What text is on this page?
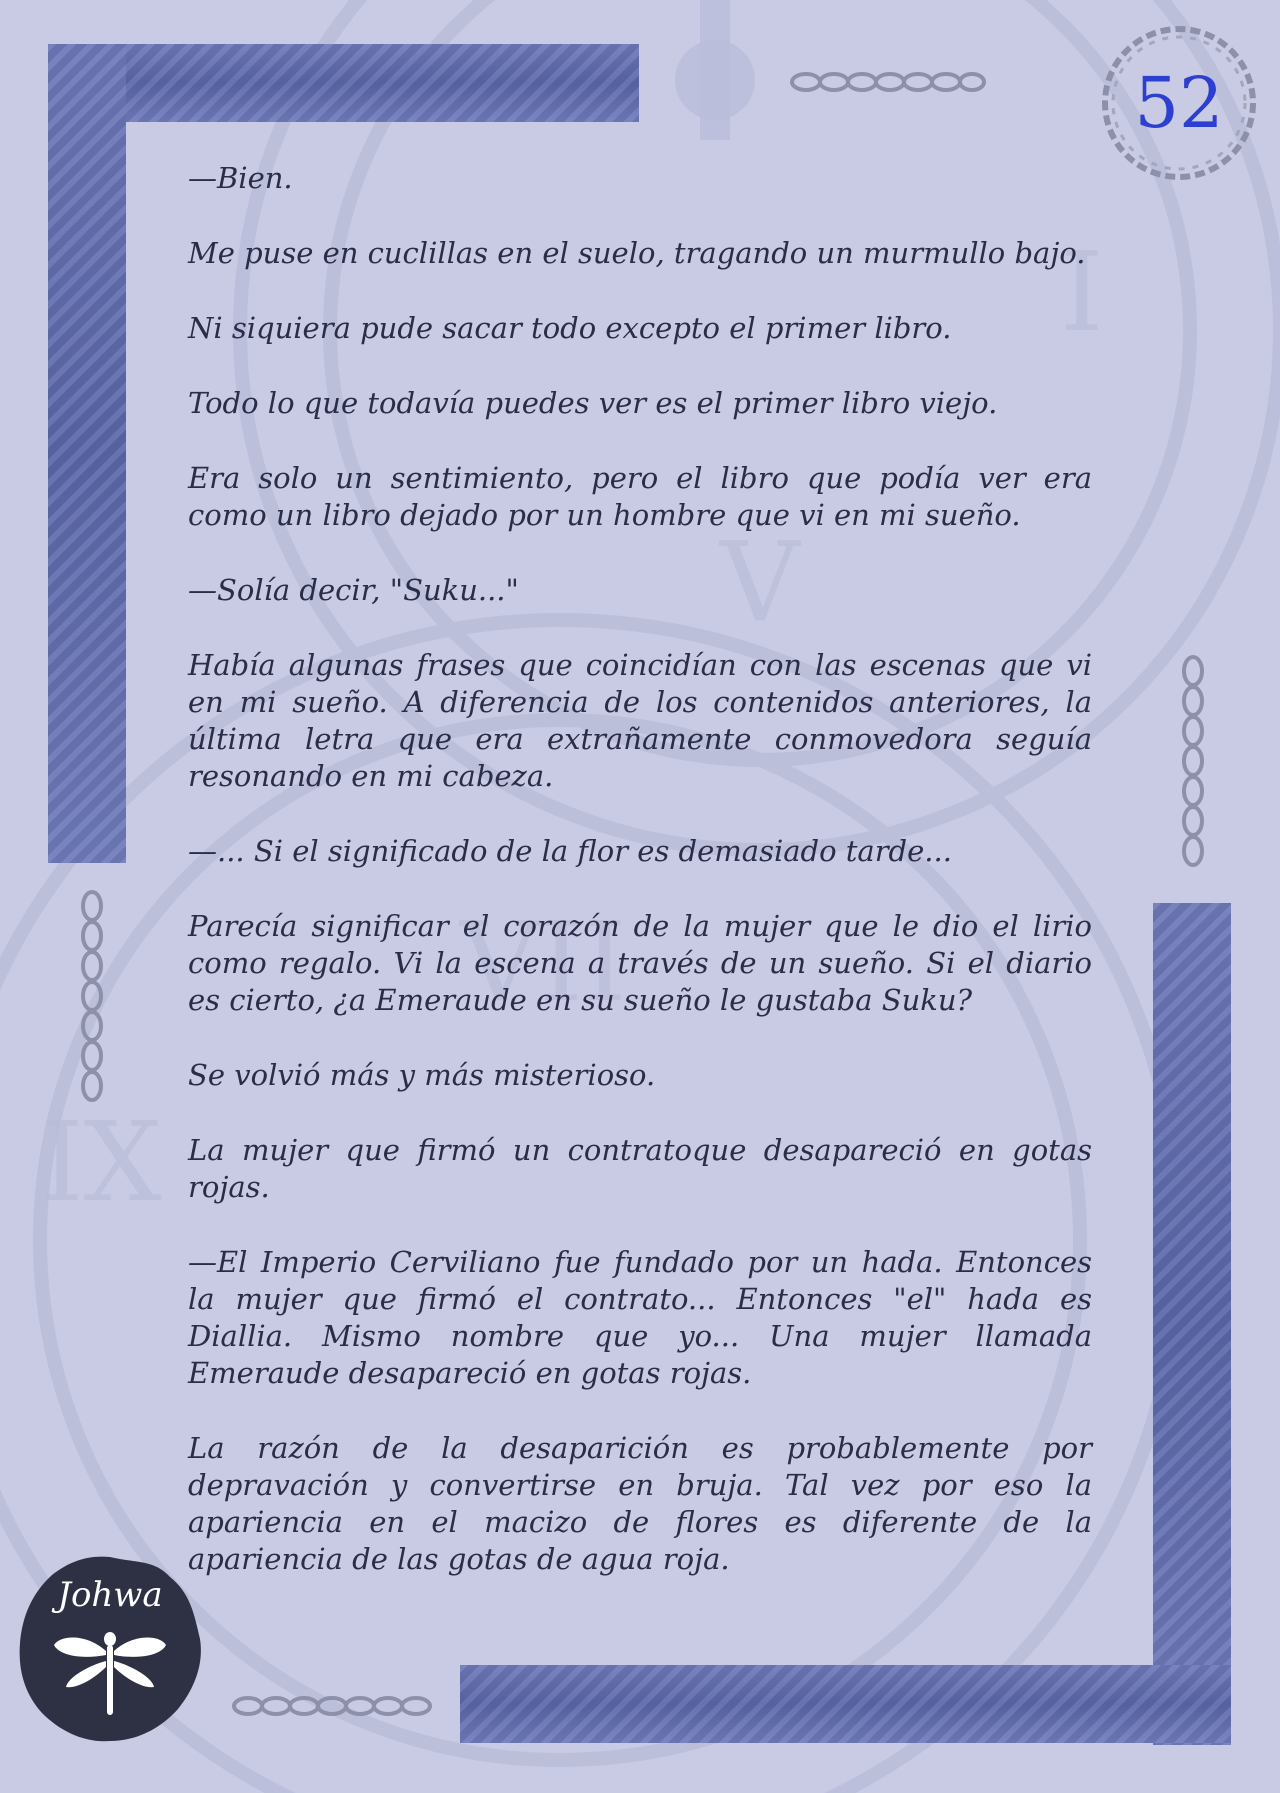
VII
I
V
IX
52

—Bien.

Me puse en cuclillas en el suelo, tragando un murmullo bajo.

Ni siquiera pude sacar todo excepto el primer libro.

Todo lo que todavía puedes ver es el primer libro viejo.

Era solo un sentimiento, pero el libro que podía ver era como un libro dejado por un hombre que vi en mi sueño.

—Solía decir, "Suku..."

Había algunas frases que coincidían con las escenas que vi en mi sueño. A diferencia de los contenidos anteriores, la última letra que era extrañamente conmovedora seguía resonando en mi cabeza.

—... Si el significado de la flor es demasiado tarde...

Parecía significar el corazón de la mujer que le dio el lirio como regalo. Vi la escena a través de un sueño. Si el diario es cierto, ¿a Emeraude en su sueño le gustaba Suku?

Se volvió más y más misterioso.

La mujer que firmó un contratoque desapareció en gotas rojas.

—El Imperio Cerviliano fue fundado por un hada. Entonces la mujer que firmó el contrato... Entonces "el" hada es Diallia. Mismo nombre que yo... Una mujer llamada Emeraude desapareció en gotas rojas.

La razón de la desaparición es probablemente por depravación y convertirse en bruja. Tal vez por eso la apariencia en el macizo de flores es diferente de la apariencia de las gotas de agua roja.

Johwa
